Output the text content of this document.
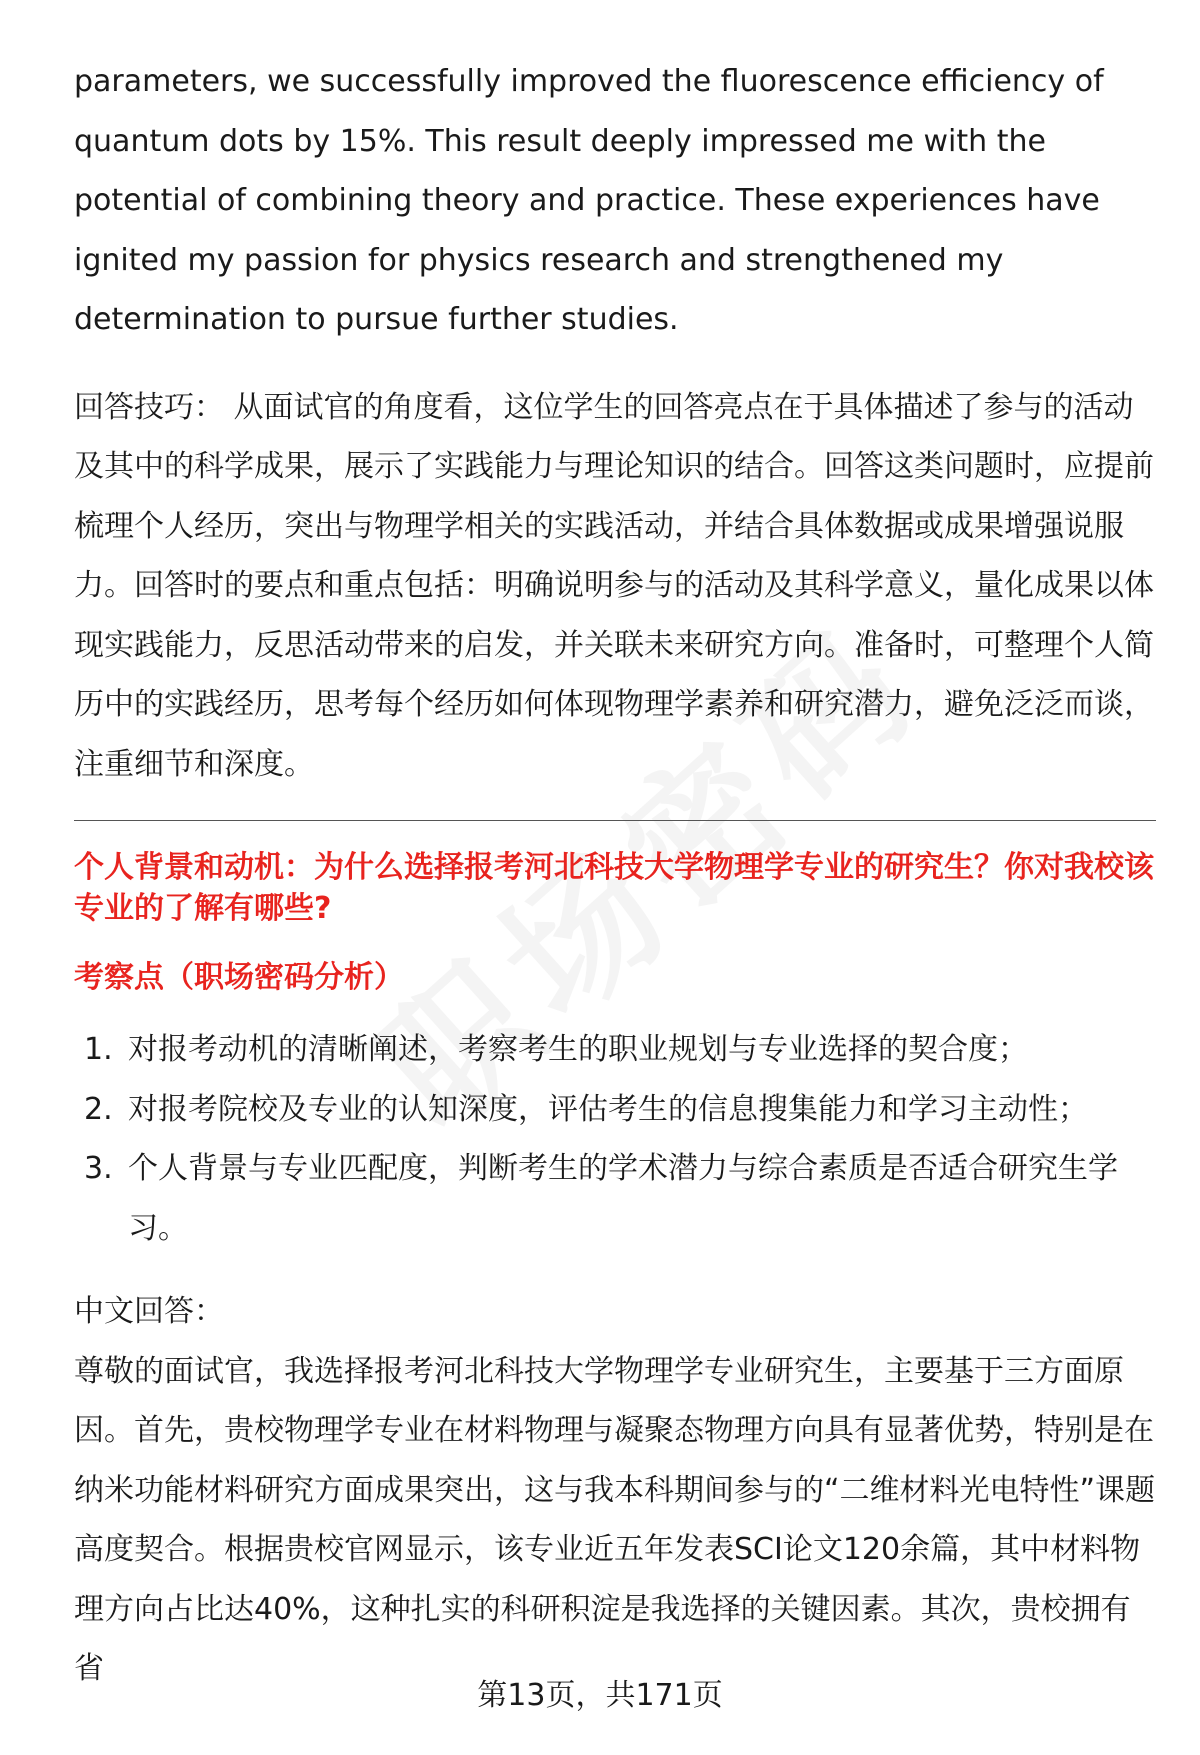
parameters, we successfully improved the fluorescence efficiency of quantum dots by 15%. This result deeply impressed me with the potential of combining theory and practice. These experiences have ignited my passion for physics research and strengthened my determination to pursue further studies.

回答技巧： 从面试官的角度看，这位学生的回答亮点在于具体描述了参与的活动及其中的科学成果，展示了实践能力与理论知识的结合。回答这类问题时，应提前梳理个人经历，突出与物理学相关的实践活动，并结合具体数据或成果增强说服力。回答时的要点和重点包括：明确说明参与的活动及其科学意义，量化成果以体现实践能力，反思活动带来的启发，并关联未来研究方向。准备时，可整理个人简历中的实践经历，思考每个经历如何体现物理学素养和研究潜力，避免泛泛而谈，注重细节和深度。

个人背景和动机：为什么选择报考河北科技大学物理学专业的研究生？你对我校该专业的了解有哪些?
考察点（职场密码分析）
1. 对报考动机的清晰阐述，考察考生的职业规划与专业选择的契合度；
2. 对报考院校及专业的认知深度，评估考生的信息搜集能力和学习主动性；
3. 个人背景与专业匹配度，判断考生的学术潜力与综合素质是否适合研究生学习。

中文回答：

尊敬的面试官，我选择报考河北科技大学物理学专业研究生，主要基于三方面原因。首先，贵校物理学专业在材料物理与凝聚态物理方向具有显著优势，特别是在纳米功能材料研究方面成果突出，这与我本科期间参与的“二维材料光电特性”课题高度契合。根据贵校官网显示，该专业近五年发表SCI论文120余篇，其中材料物理方向占比达40%，这种扎实的科研积淀是我选择的关键因素。其次，贵校拥有省

第13页，共171页
